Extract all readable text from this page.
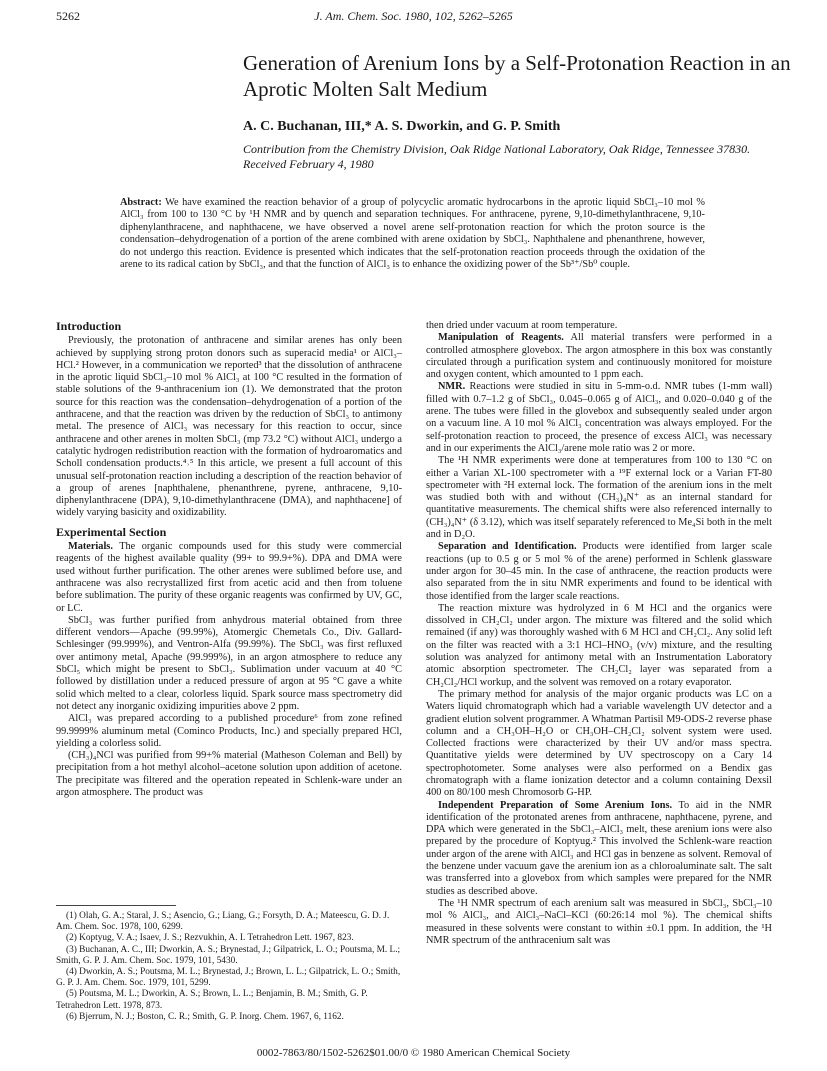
5262	J. Am. Chem. Soc. 1980, 102, 5262–5265
Generation of Arenium Ions by a Self-Protonation Reaction in an Aprotic Molten Salt Medium
A. C. Buchanan, III,* A. S. Dworkin, and G. P. Smith
Contribution from the Chemistry Division, Oak Ridge National Laboratory, Oak Ridge, Tennessee 37830. Received February 4, 1980
Abstract: We have examined the reaction behavior of a group of polycyclic aromatic hydrocarbons in the aprotic liquid SbCl₃–10 mol % AlCl₃ from 100 to 130 °C by ¹H NMR and by quench and separation techniques. For anthracene, pyrene, 9,10-dimethylanthracene, 9,10-diphenylanthracene, and naphthacene, we have observed a novel arene self-protonation reaction for which the proton source is the condensation–dehydrogenation of a portion of the arene combined with arene oxidation by SbCl₃. Naphthalene and phenanthrene, however, do not undergo this reaction. Evidence is presented which indicates that the self-protonation reaction proceeds through the oxidation of the arene to its radical cation by SbCl₃, and that the function of AlCl₃ is to enhance the oxidizing power of the Sb³⁺/Sb⁰ couple.
Introduction

Previously, the protonation of anthracene and similar arenes has only been achieved by supplying strong proton donors such as superacid media¹ or AlCl₃–HCl.² However, in a communication we reported³ that the dissolution of anthracene in the aprotic liquid SbCl₃–10 mol % AlCl₃ at 100 °C resulted in the formation of stable solutions of the 9-anthracenium ion (1). We demonstrated that the proton source for this reaction was the condensation–dehydrogenation of a portion of the anthracene, and that the reaction was driven by the reduction of SbCl₃ to antimony metal. The presence of AlCl₃ was necessary for this reaction to occur, since anthracene and other arenes in molten SbCl₃ (mp 73.2 °C) without AlCl₃ undergo a catalytic hydrogen redistribution reaction with the formation of hydroaromatics and Scholl condensation products.⁴˒⁵ In this article, we present a full account of this unusual self-protonation reaction including a description of the reaction behavior of a group of arenes [naphthalene, phenanthrene, pyrene, anthracene, 9,10-diphenylanthracene (DPA), 9,10-dimethylanthracene (DMA), and naphthacene] of widely varying basicity and oxidizability.

Experimental Section

Materials. The organic compounds used for this study were commercial reagents of the highest available quality (99+ to 99.9+%). DPA and DMA were used without further purification. The other arenes were sublimed before use, and anthracene was also recrystallized first from acetic acid and then from toluene before sublimation. The purity of these organic reagents was confirmed by UV, GC, or LC.

SbCl₃ was further purified from anhydrous material obtained from three different vendors—Apache (99.99%), Atomergic Chemetals Co., Div. Gallard-Schlesinger (99.999%), and Ventron-Alfa (99.99%). The SbCl₃ was first refluxed over antimony metal, Apache (99.999%), in an argon atmosphere to reduce any SbCl₅ which might be present to SbCl₃. Sublimation under vacuum at 40 °C followed by distillation under a reduced pressure of argon at 95 °C gave a white solid which melted to a clear, colorless liquid. Spark source mass spectrometry did not detect any inorganic oxidizing impurities above 2 ppm.

AlCl₃ was prepared according to a published procedure⁶ from zone refined 99.9999% aluminum metal (Cominco Products, Inc.) and specially prepared HCl, yielding a colorless solid.

(CH₃)₄NCl was purified from 99+% material (Matheson Coleman and Bell) by precipitation from a hot methyl alcohol–acetone solution upon addition of acetone. The precipitate was filtered and the operation repeated in Schlenk-ware under an argon atmosphere. The product was

then dried under vacuum at room temperature.

Manipulation of Reagents. All material transfers were performed in a controlled atmosphere glovebox. The argon atmosphere in this box was constantly circulated through a purification system and continuously monitored for moisture and oxygen content, which amounted to 1 ppm each.

NMR. Reactions were studied in situ in 5-mm-o.d. NMR tubes (1-mm wall) filled with 0.7–1.2 g of SbCl₃, 0.045–0.065 g of AlCl₃, and 0.020–0.040 g of the arene. The tubes were filled in the glovebox and subsequently sealed under argon on a vacuum line. A 10 mol % AlCl₃ concentration was always employed. For the self-protonation reaction to proceed, the presence of excess AlCl₃ was necessary and in our experiments the AlCl₃/arene mole ratio was 2 or more.

The ¹H NMR experiments were done at temperatures from 100 to 130 °C on either a Varian XL-100 spectrometer with a ¹⁹F external lock or a Varian FT-80 spectrometer with ²H external lock. The formation of the arenium ions in the melt was studied both with and without (CH₃)₄N⁺ as an internal standard for quantitative measurements. The chemical shifts were also referenced internally to (CH₃)₄N⁺ (δ 3.12), which was itself separately referenced to Me₄Si both in the melt and in D₂O.

Separation and Identification. Products were identified from larger scale reactions (up to 0.5 g or 5 mol % of the arene) performed in Schlenk glassware under argon for 30–45 min. In the case of anthracene, the reaction products were also separated from the in situ NMR experiments and found to be identical with those identified from the larger scale reactions.

The reaction mixture was hydrolyzed in 6 M HCl and the organics were dissolved in CH₂Cl₂ under argon. The mixture was filtered and the solid which remained (if any) was thoroughly washed with 6 M HCl and CH₂Cl₂. Any solid left on the filter was reacted with a 3:1 HCl–HNO₃ (v/v) mixture, and the resulting solution was analyzed for antimony metal with an Instrumentation Laboratory atomic absorption spectrometer. The CH₂Cl₂ layer was separated from a CH₂Cl₂/HCl workup, and the solvent was removed on a rotary evaporator.

The primary method for analysis of the major organic products was LC on a Waters liquid chromatograph which had a variable wavelength UV detector and a gradient elution solvent programmer. A Whatman Partisil M9-ODS-2 reverse phase column and a CH₃OH–H₂O or CH₃OH–CH₂Cl₂ solvent system were used. Collected fractions were characterized by their UV and/or mass spectra. Quantitative yields were determined by UV spectroscopy on a Cary 14 spectrophotometer. Some analyses were also performed on a Bendix gas chromatograph with a flame ionization detector and a column containing Dexsil 400 on 80/100 mesh Chromosorb G-HP.

Independent Preparation of Some Arenium Ions. To aid in the NMR identification of the protonated arenes from anthracene, naphthacene, pyrene, and DPA which were generated in the SbCl₃–AlCl₃ melt, these arenium ions were also prepared by the procedure of Koptyug.² This involved the Schlenk-ware reaction under argon of the arene with AlCl₃ and HCl gas in benzene as solvent. Removal of the benzene under vacuum gave the arenium ion as a chloroaluminate salt. The salt was transferred into a glovebox from which samples were prepared for the NMR studies as described above.

The ¹H NMR spectrum of each arenium salt was measured in SbCl₃, SbCl₃–10 mol % AlCl₃, and AlCl₃–NaCl–KCl (60:26:14 mol %). The chemical shifts measured in these solvents were constant to within ±0.1 ppm. In addition, the ¹H NMR spectrum of the anthracenium salt was

(1) Olah, G. A.; Staral, J. S.; Asencio, G.; Liang, G.; Forsyth, D. A.; Mateescu, G. D. J. Am. Chem. Soc. 1978, 100, 6299.

(2) Koptyug, V. A.; Isaev, J. S.; Rezvukhin, A. I. Tetrahedron Lett. 1967, 823.

(3) Buchanan, A. C., III; Dworkin, A. S.; Brynestad, J.; Gilpatrick, L. O.; Poutsma, M. L.; Smith, G. P. J. Am. Chem. Soc. 1979, 101, 5430.

(4) Dworkin, A. S.; Poutsma, M. L.; Brynestad, J.; Brown, L. L.; Gilpatrick, L. O.; Smith, G. P. J. Am. Chem. Soc. 1979, 101, 5299.

(5) Poutsma, M. L.; Dworkin, A. S.; Brown, L. L.; Benjamin, B. M.; Smith, G. P. Tetrahedron Lett. 1978, 873.

(6) Bjerrum, N. J.; Boston, C. R.; Smith, G. P. Inorg. Chem. 1967, 6, 1162.

0002-7863/80/1502-5262$01.00/0 © 1980 American Chemical Society
